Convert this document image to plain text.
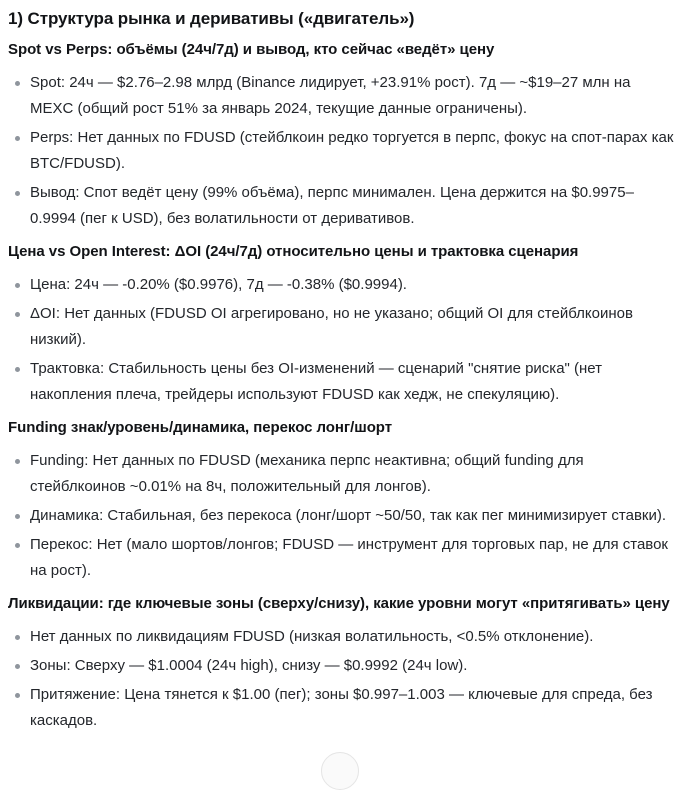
1) Структура рынка и деривативы («двигатель»)
Spot vs Perps: объёмы (24ч/7д) и вывод, кто сейчас «ведёт» цену
Spot: 24ч — $2.76–2.98 млрд (Binance лидирует, +23.91% рост). 7д — ~$19–27 млн на MEXC (общий рост 51% за январь 2024, текущие данные ограничены).
Perps: Нет данных по FDUSD (стейблкоин редко торгуется в перпс, фокус на спот-парах как BTC/FDUSD).
Вывод: Спот ведёт цену (99% объёма), перпс минимален. Цена держится на $0.9975–0.9994 (пег к USD), без волатильности от деривативов.
Цена vs Open Interest: ΔOI (24ч/7д) относительно цены и трактовка сценария
Цена: 24ч — -0.20% ($0.9976), 7д — -0.38% ($0.9994).
ΔOI: Нет данных (FDUSD OI агрегировано, но не указано; общий OI для стейблкоинов низкий).
Трактовка: Стабильность цены без OI-изменений — сценарий "снятие риска" (нет накопления плеча, трейдеры используют FDUSD как хедж, не спекуляцию).
Funding знак/уровень/динамика, перекос лонг/шорт
Funding: Нет данных по FDUSD (механика перпс неактивна; общий funding для стейблкоинов ~0.01% на 8ч, положительный для лонгов).
Динамика: Стабильная, без перекоса (лонг/шорт ~50/50, так как пег минимизирует ставки).
Перекос: Нет (мало шортов/лонгов; FDUSD — инструмент для торговых пар, не для ставок на рост).
Ликвидации: где ключевые зоны (сверху/снизу), какие уровни могут «притягивать» цену
Нет данных по ликвидациям FDUSD (низкая волатильность, <0.5% отклонение).
Зоны: Сверху — $1.0004 (24ч high), снизу — $0.9992 (24ч low).
Притяжение: Цена тянется к $1.00 (пег); зоны $0.997–1.003 — ключевые для спреда, без каскадов.
